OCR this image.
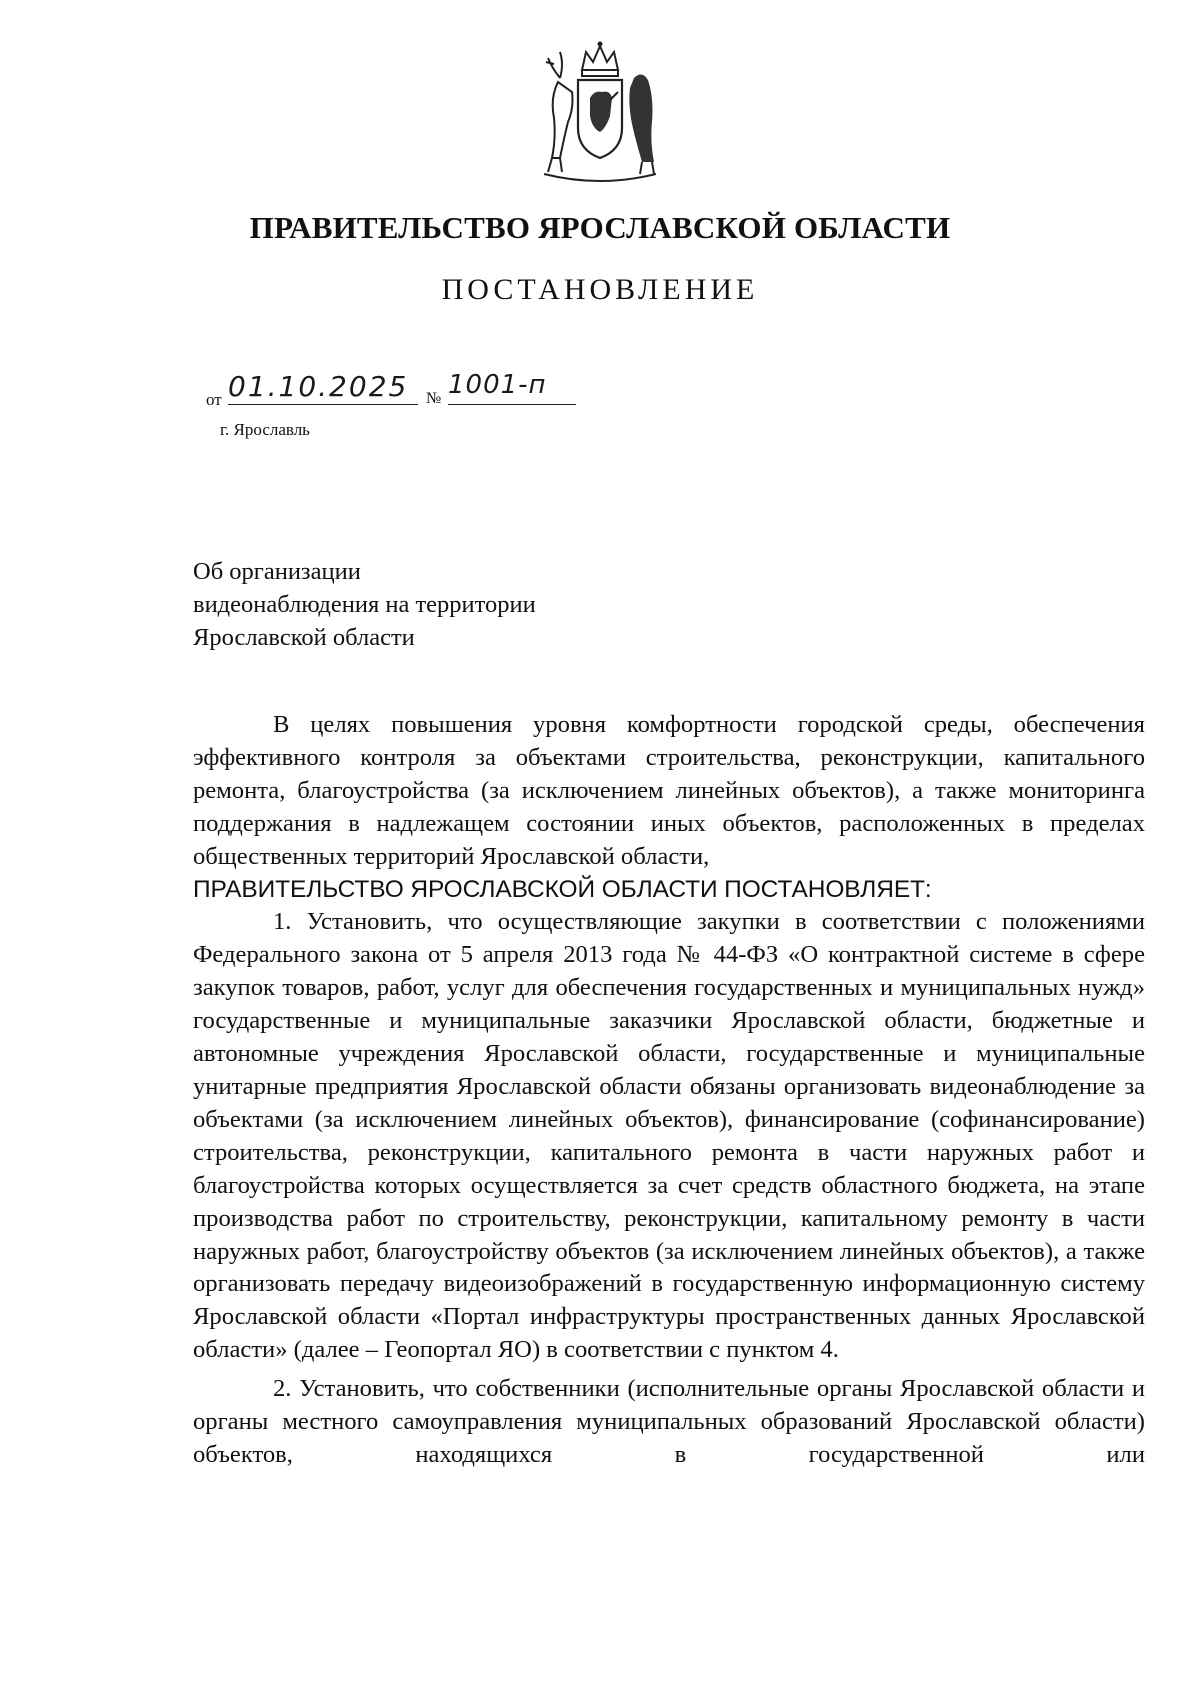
ПРАВИТЕЛЬСТВО ЯРОСЛАВСКОЙ ОБЛАСТИ
ПОСТАНОВЛЕНИЕ
от 01.10.2025	№ 1001-п
г. Ярославль
Об организации
видеонаблюдения на территории
Ярославской области

В целях повышения уровня комфортности городской среды, обеспечения эффективного контроля за объектами строительства, реконструкции, капитального ремонта, благоустройства (за исключением линейных объектов), а также мониторинга поддержания в надлежащем состоянии иных объектов, расположенных в пределах общественных территорий Ярославской области,

ПРАВИТЕЛЬСТВО ЯРОСЛАВСКОЙ ОБЛАСТИ ПОСТАНОВЛЯЕТ:

1. Установить, что осуществляющие закупки в соответствии с положениями Федерального закона от 5 апреля 2013 года № 44-ФЗ «О контрактной системе в сфере закупок товаров, работ, услуг для обеспечения государственных и муниципальных нужд» государственные и муниципальные заказчики Ярославской области, бюджетные и автономные учреждения Ярославской области, государственные и муниципальные унитарные предприятия Ярославской области обязаны организовать видеонаблюдение за объектами (за исключением линейных объектов), финансирование (софинансирование) строительства, реконструкции, капитального ремонта в части наружных работ и благоустройства которых осуществляется за счет средств областного бюджета, на этапе производства работ по строительству, реконструкции, капитальному ремонту в части наружных работ, благоустройству объектов (за исключением линейных объектов), а также организовать передачу видеоизображений в государственную информационную систему Ярославской области «Портал инфраструктуры пространственных данных Ярославской области» (далее – Геопортал ЯО) в соответствии с пунктом 4.

2. Установить, что собственники (исполнительные органы Ярославской области и органы местного самоуправления муниципальных образований Ярославской области) объектов, находящихся в государственной или
